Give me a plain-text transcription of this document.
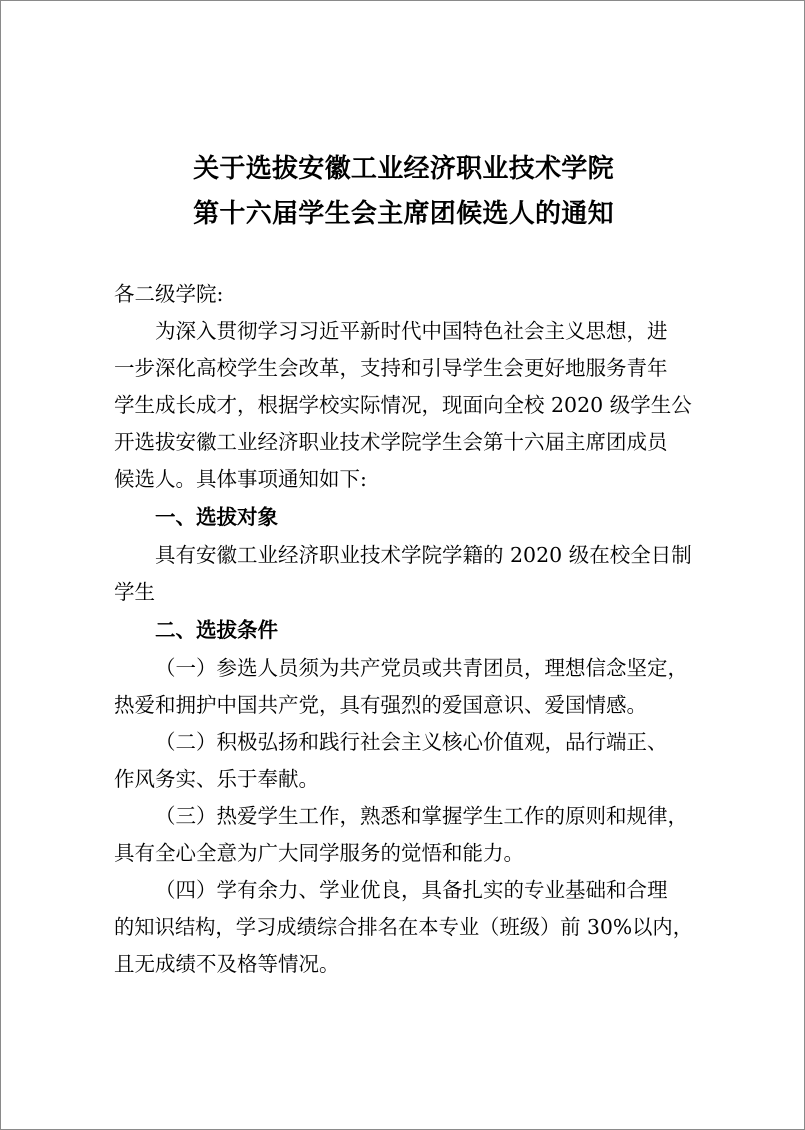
关于选拔安徽工业经济职业技术学院
第十六届学生会主席团候选人的通知
各二级学院:
为深入贯彻学习习近平新时代中国特色社会主义思想，进
一步深化高校学生会改革，支持和引导学生会更好地服务青年
学生成长成才，根据学校实际情况，现面向全校 2020 级学生公
开选拔安徽工业经济职业技术学院学生会第十六届主席团成员
候选人。具体事项通知如下:
一、选拔对象
具有安徽工业经济职业技术学院学籍的 2020 级在校全日制
学生
二、选拔条件
（一）参选人员须为共产党员或共青团员，理想信念坚定，
热爱和拥护中国共产党，具有强烈的爱国意识、爱国情感。
（二）积极弘扬和践行社会主义核心价值观，品行端正、
作风务实、乐于奉献。
（三）热爱学生工作，熟悉和掌握学生工作的原则和规律，
具有全心全意为广大同学服务的觉悟和能力。
（四）学有余力、学业优良，具备扎实的专业基础和合理
的知识结构，学习成绩综合排名在本专业（班级）前 30%以内，
且无成绩不及格等情况。
